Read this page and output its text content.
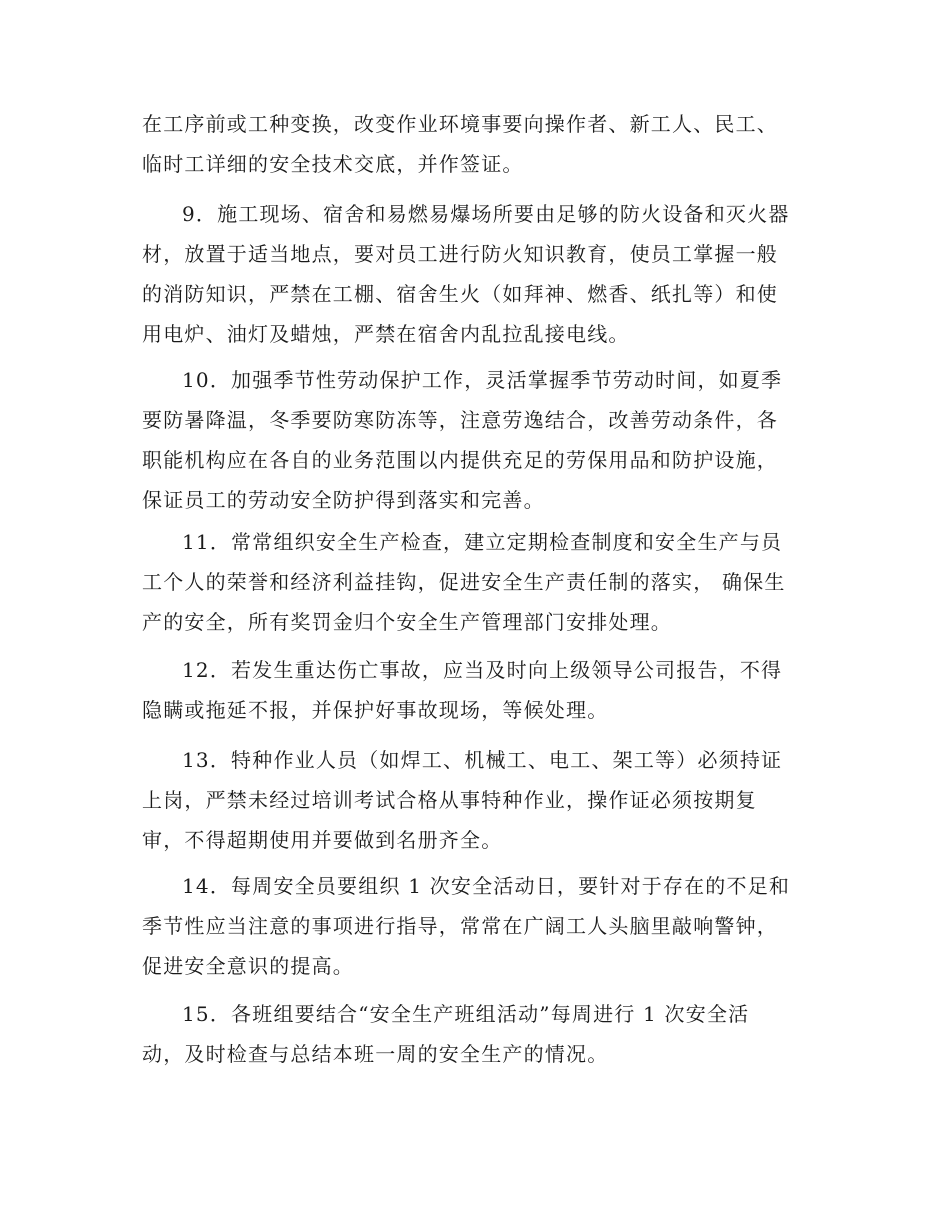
在工序前或工种变换，改变作业环境事要向操作者、新工人、民工、
临时工详细的安全技术交底，并作签证。
9．施工现场、宿舍和易燃易爆场所要由足够的防火设备和灭火器
材，放置于适当地点，要对员工进行防火知识教育，使员工掌握一般
的消防知识，严禁在工棚、宿舍生火（如拜神、燃香、纸扎等）和使
用电炉、油灯及蜡烛，严禁在宿舍内乱拉乱接电线。
10．加强季节性劳动保护工作，灵活掌握季节劳动时间，如夏季
要防暑降温，冬季要防寒防冻等，注意劳逸结合，改善劳动条件，各
职能机构应在各自的业务范围以内提供充足的劳保用品和防护设施，
保证员工的劳动安全防护得到落实和完善。
11．常常组织安全生产检查，建立定期检查制度和安全生产与员
工个人的荣誉和经济利益挂钩，促进安全生产责任制的落实， 确保生
产的安全，所有奖罚金归个安全生产管理部门安排处理。
12．若发生重达伤亡事故，应当及时向上级领导公司报告，不得
隐瞒或拖延不报，并保护好事故现场，等候处理。
13．特种作业人员（如焊工、机械工、电工、架工等）必须持证
上岗，严禁未经过培训考试合格从事特种作业，操作证必须按期复
审，不得超期使用并要做到名册齐全。
14．每周安全员要组织 1 次安全活动日，要针对于存在的不足和
季节性应当注意的事项进行指导，常常在广阔工人头脑里敲响警钟，
促进安全意识的提高。
15．各班组要结合“安全生产班组活动”每周进行 1 次安全活
动，及时检查与总结本班一周的安全生产的情况。
